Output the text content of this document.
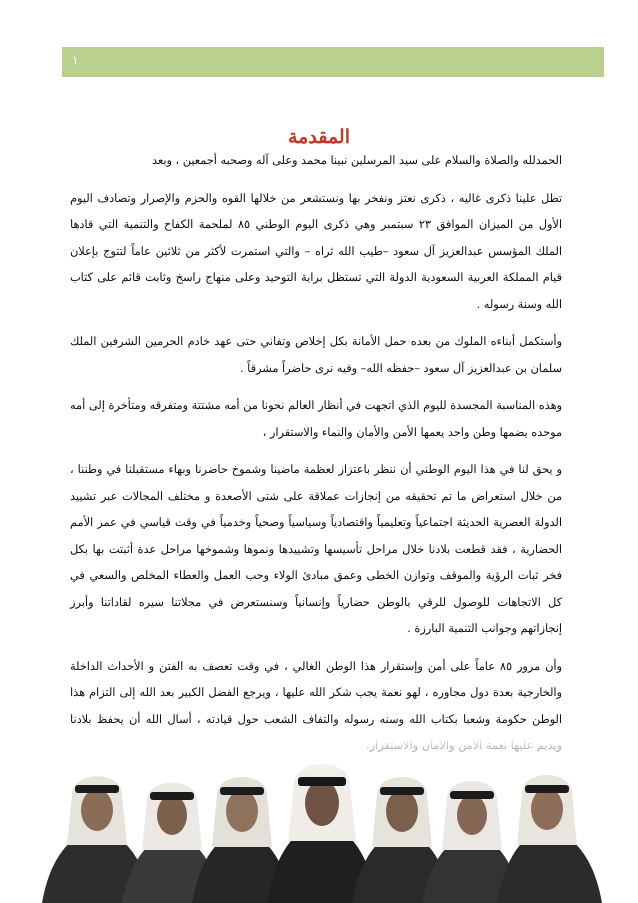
١
المقدمة

الحمدلله والصلاة والسلام على سيد المرسلين نبينا محمد وعلى آله وصحبه أجمعين ، وبعد

تطل علينا ذكرى غاليه ، ذكرى نعتز ونفخر بها ونستشعر من خلالها القوه والحزم والإصرار وتصادف اليوم الأول من الميزان الموافق ٢٣ سبتمبر وهي ذكرى اليوم الوطني ٨٥ لملحمة الكفاح والتنمية التي قادها الملك المؤسس عبدالعزيز آل سعود –طيب الله ثراه – والتي استمرت لأكثر من ثلاثين عاماً لتتوج بإعلان قيام المملكة العربية السعودية الدولة التي تستظل براية التوحيد وعلى منهاج راسخ وثابت قائم على كتاب الله وسنة رسوله .

وأستكمل أبناءه الملوك من بعده حمل الأمانة بكل إخلاص وتفاني حتى عهد خادم الحرمين الشرفين الملك سلمان بن عبدالعزيز آل سعود –حفظه الله– وفيه نرى حاضراً مشرقاً .

وهذه المناسبة المجسدة لليوم الذي اتجهت في أنظار العالم نحونا من أمه مشتتة ومتفرقه ومتأخرة إلى أمه موحده يضمها وطن واحد يعمها الأمن والأمان والنماء والاستقرار ،

و يحق لنا في هذا اليوم الوطني أن ننظر باعتزاز لعظمة ماضينا وشموخ حاضرنا وبهاء مستقبلنا في وطننا ، من خلال استعراض ما تم تحقيقه من إنجازات عملاقة على شتى الأصعدة و مختلف المجالات عبر تشييد الدولة العصرية الحديثة اجتماعياً وتعليمياً واقتصادياً وسياسياً وصحياً وخدمياً في وقت قياسي في عمر الأمم الحضارية ، فقد قطعت بلادنا خلال مراحل تأسيسها وتشييدها ونموها وشموخها مراحل عدة أثبتت بها بكل فخر ثبات الرؤية والموقف وتوازن الخطى وعمق مبادئ الولاء وحب العمل والعطاء المخلص والسعي في كل الاتجاهات للوصول للرقي بالوطن حضارياً وإنسانياً وسنستعرض في مجلاتنا سيره لقاداتنا وأبرز إنجازاتهم وجوانب التنمية البارزة .

وأن مرور ٨٥ عاماً على أمن وإستقرار هذا الوطن الغالي ، في وقت تعصف به الفتن و الأحداث الداخلة والخارجية بعدة دول مجاوره ، لهو نعمة يجب شكر الله عليها ، ويرجع الفضل الكبير بعد الله إلى التزام هذا الوطن حكومة وشعبا بكتاب الله وسنه رسوله والتفاف الشعب حول قيادته ، أسال الله أن يحفظ بلادنا
